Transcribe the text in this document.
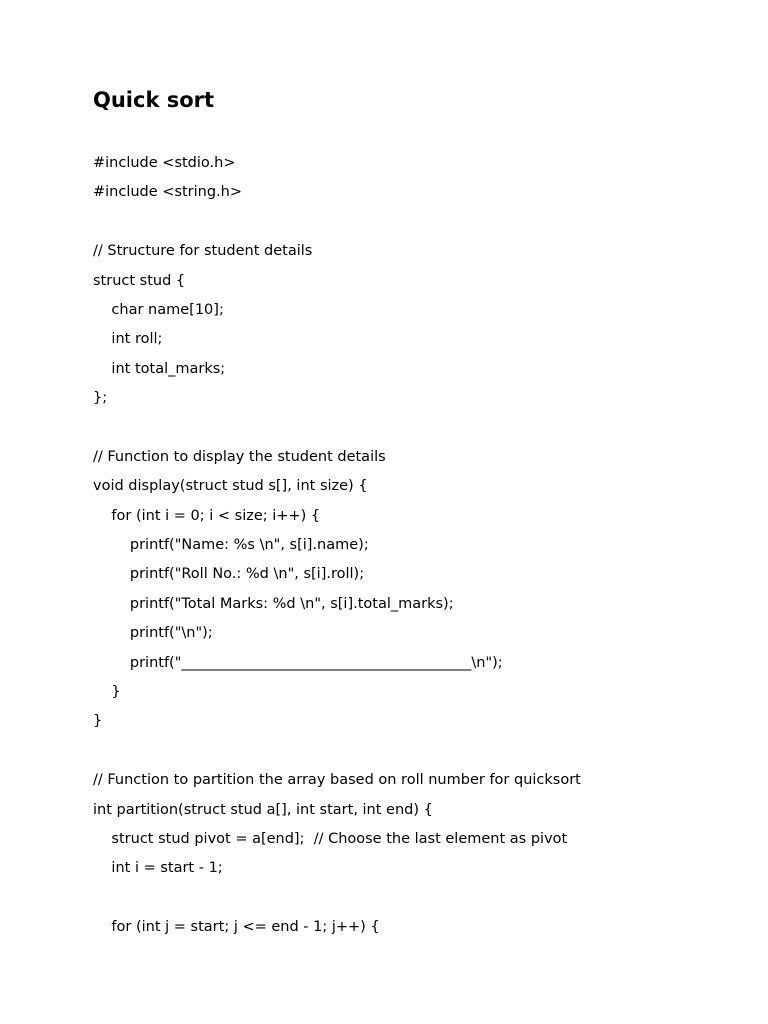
Quick sort
#include <stdio.h>
#include <string.h>
// Structure for student details
struct stud {
char name[10];
int roll;
int total_marks;
};
// Function to display the student details
void display(struct stud s[], int size) {
for (int i = 0; i < size; i++) {
printf("Name: %s \n", s[i].name);
printf("Roll No.: %d \n", s[i].roll);
printf("Total Marks: %d \n", s[i].total_marks);
printf("\n");
printf("________________________________________\n");
}
}
// Function to partition the array based on roll number for quicksort
int partition(struct stud a[], int start, int end) {
struct stud pivot = a[end];  // Choose the last element as pivot
int i = start - 1;
for (int j = start; j <= end - 1; j++) {
